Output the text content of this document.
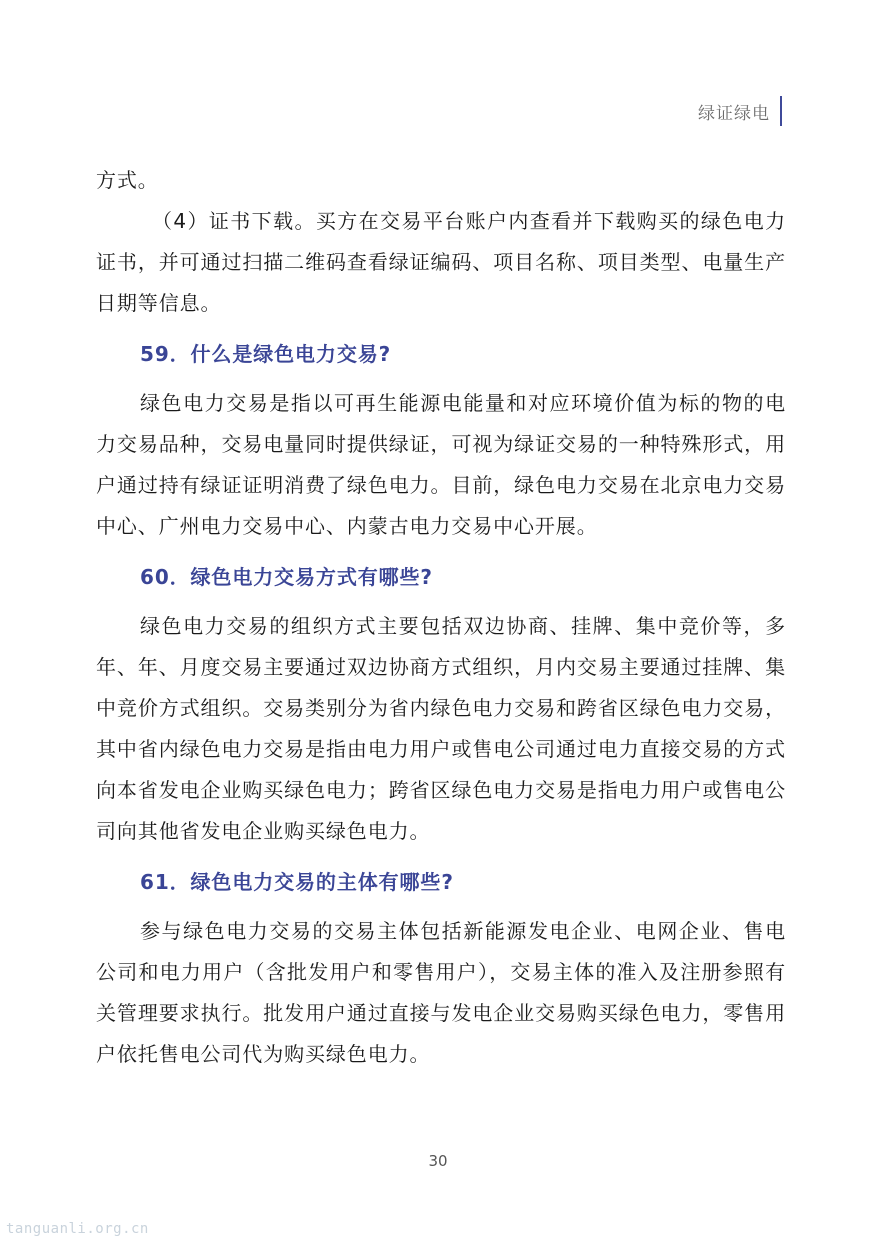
绿证绿电

方式。

（4）证书下载。买方在交易平台账户内查看并下载购买的绿色电力证书，并可通过扫描二维码查看绿证编码、项目名称、项目类型、电量生产日期等信息。

59．什么是绿色电力交易?

绿色电力交易是指以可再生能源电能量和对应环境价值为标的物的电力交易品种，交易电量同时提供绿证，可视为绿证交易的一种特殊形式，用户通过持有绿证证明消费了绿色电力。目前，绿色电力交易在北京电力交易中心、广州电力交易中心、内蒙古电力交易中心开展。

60．绿色电力交易方式有哪些?

绿色电力交易的组织方式主要包括双边协商、挂牌、集中竞价等，多年、年、月度交易主要通过双边协商方式组织，月内交易主要通过挂牌、集中竞价方式组织。交易类别分为省内绿色电力交易和跨省区绿色电力交易，其中省内绿色电力交易是指由电力用户或售电公司通过电力直接交易的方式向本省发电企业购买绿色电力；跨省区绿色电力交易是指电力用户或售电公司向其他省发电企业购买绿色电力。

61．绿色电力交易的主体有哪些?

参与绿色电力交易的交易主体包括新能源发电企业、电网企业、售电公司和电力用户（含批发用户和零售用户），交易主体的准入及注册参照有关管理要求执行。批发用户通过直接与发电企业交易购买绿色电力，零售用户依托售电公司代为购买绿色电力。

30
tanguanli.org.cn
